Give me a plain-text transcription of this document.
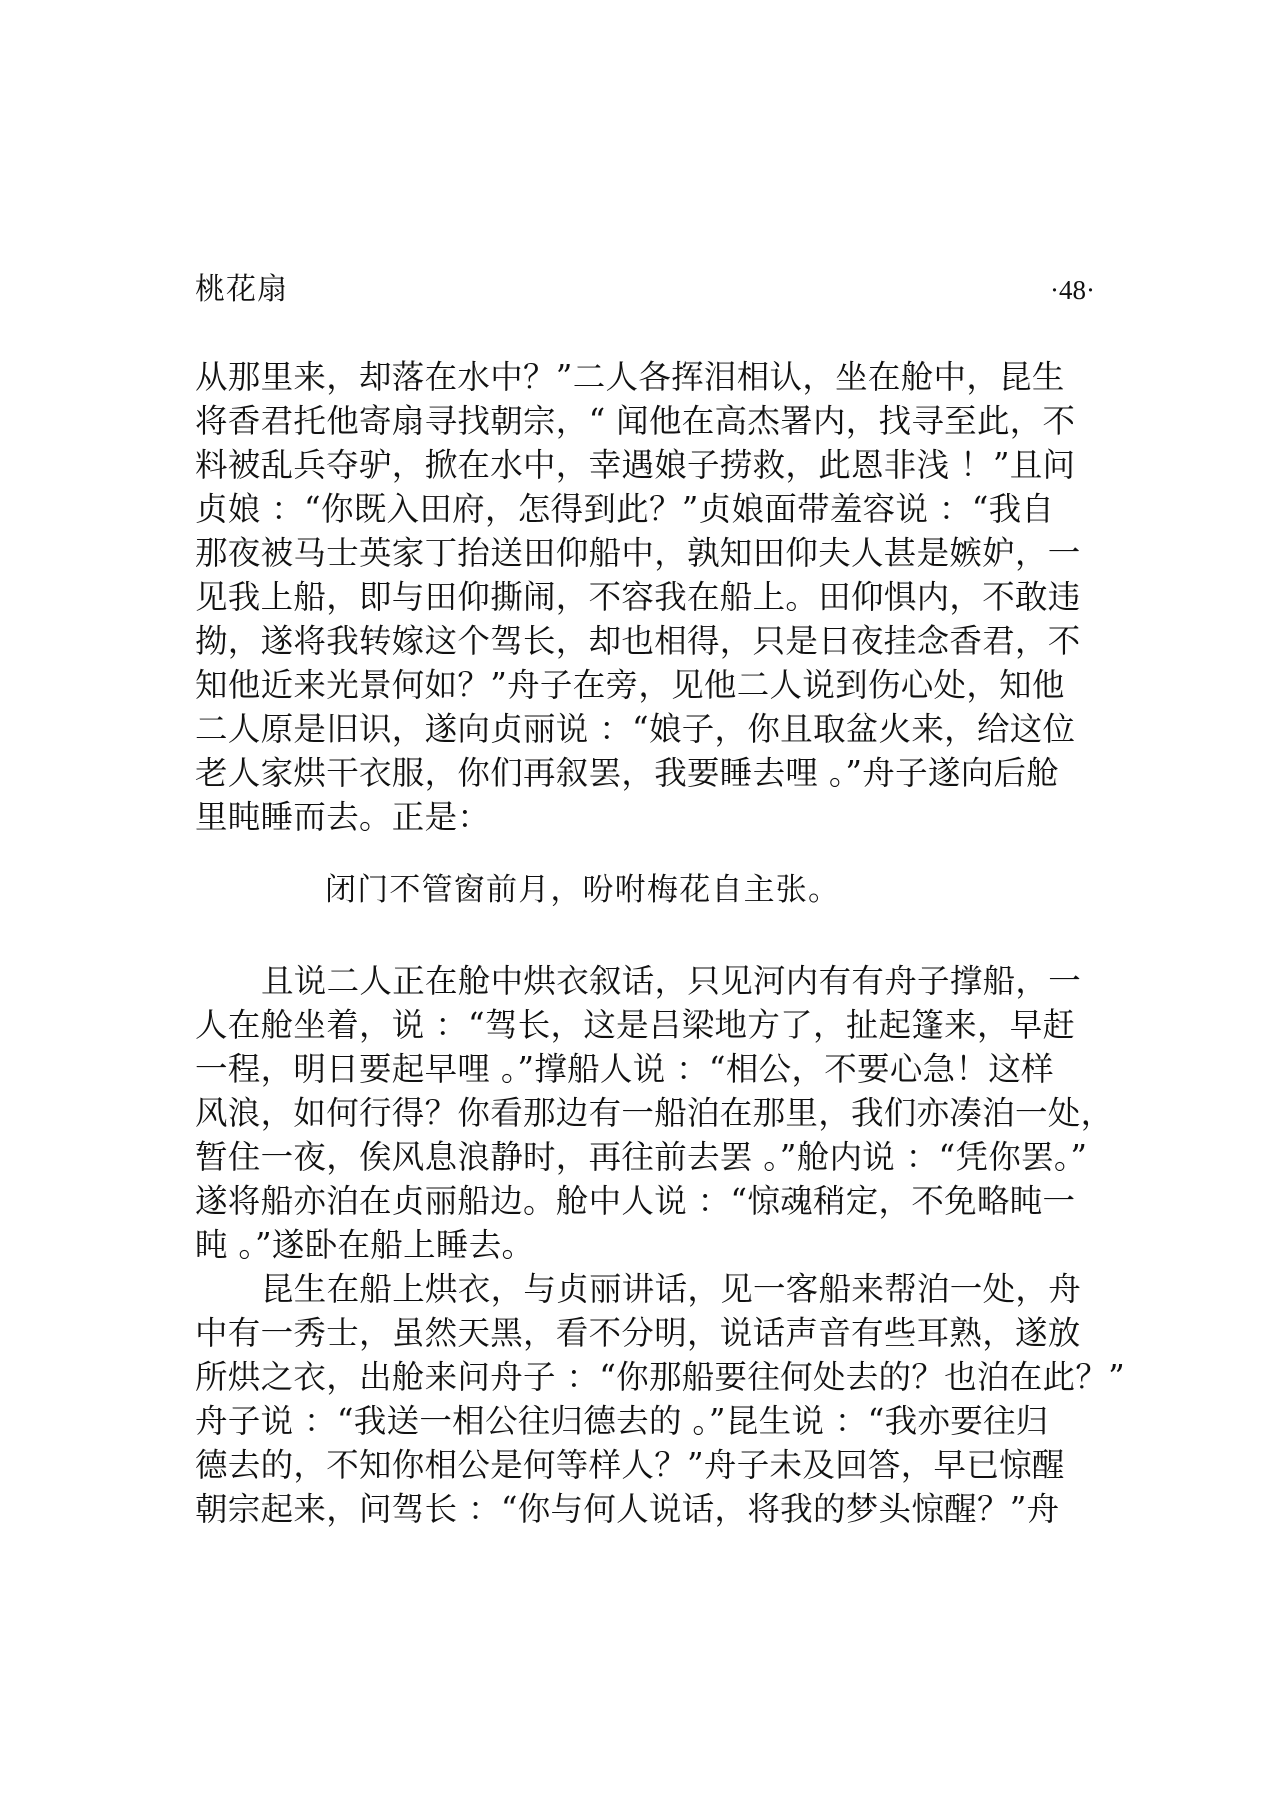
桃花扇	·48·
从那里来，却落在水中？”二人各挥泪相认，坐在舱中，昆生
将香君托他寄扇寻找朝宗，“ 闻他在高杰署内，找寻至此，不
料被乱兵夺驴，掀在水中，幸遇娘子捞救，此恩非浅 ！”且问
贞娘 ：“你既入田府，怎得到此？”贞娘面带羞容说 ：“我自
那夜被马士英家丁抬送田仰船中，孰知田仰夫人甚是嫉妒，一
见我上船，即与田仰撕闹，不容我在船上。田仰惧内，不敢违
拗，遂将我转嫁这个驾长，却也相得，只是日夜挂念香君，不
知他近来光景何如？”舟子在旁，见他二人说到伤心处，知他
二人原是旧识，遂向贞丽说 ：“娘子，你且取盆火来，给这位
老人家烘干衣服，你们再叙罢，我要睡去哩 。”舟子遂向后舱
里盹睡而去。正是：
闭门不管窗前月，吩咐梅花自主张。
且说二人正在舱中烘衣叙话，只见河内有有舟子撑船，一
人在舱坐着，说 ：“驾长，这是吕梁地方了，扯起篷来，早赶
一程，明日要起早哩 。”撑船人说 ：“相公，不要心急！这样
风浪，如何行得？你看那边有一船泊在那里，我们亦凑泊一处，
暂住一夜，俟风息浪静时，再往前去罢 。”舱内说 ：“凭你罢。”
遂将船亦泊在贞丽船边。舱中人说 ：“惊魂稍定，不免略盹一
盹 。”遂卧在船上睡去。
昆生在船上烘衣，与贞丽讲话，见一客船来帮泊一处，舟
中有一秀士，虽然天黑，看不分明，说话声音有些耳熟，遂放
所烘之衣，出舱来问舟子 ：“你那船要往何处去的？也泊在此？”
舟子说 ：“我送一相公往归德去的 。”昆生说 ：“我亦要往归
德去的，不知你相公是何等样人？”舟子未及回答，早已惊醒
朝宗起来，问驾长 ：“你与何人说话，将我的梦头惊醒？”舟
